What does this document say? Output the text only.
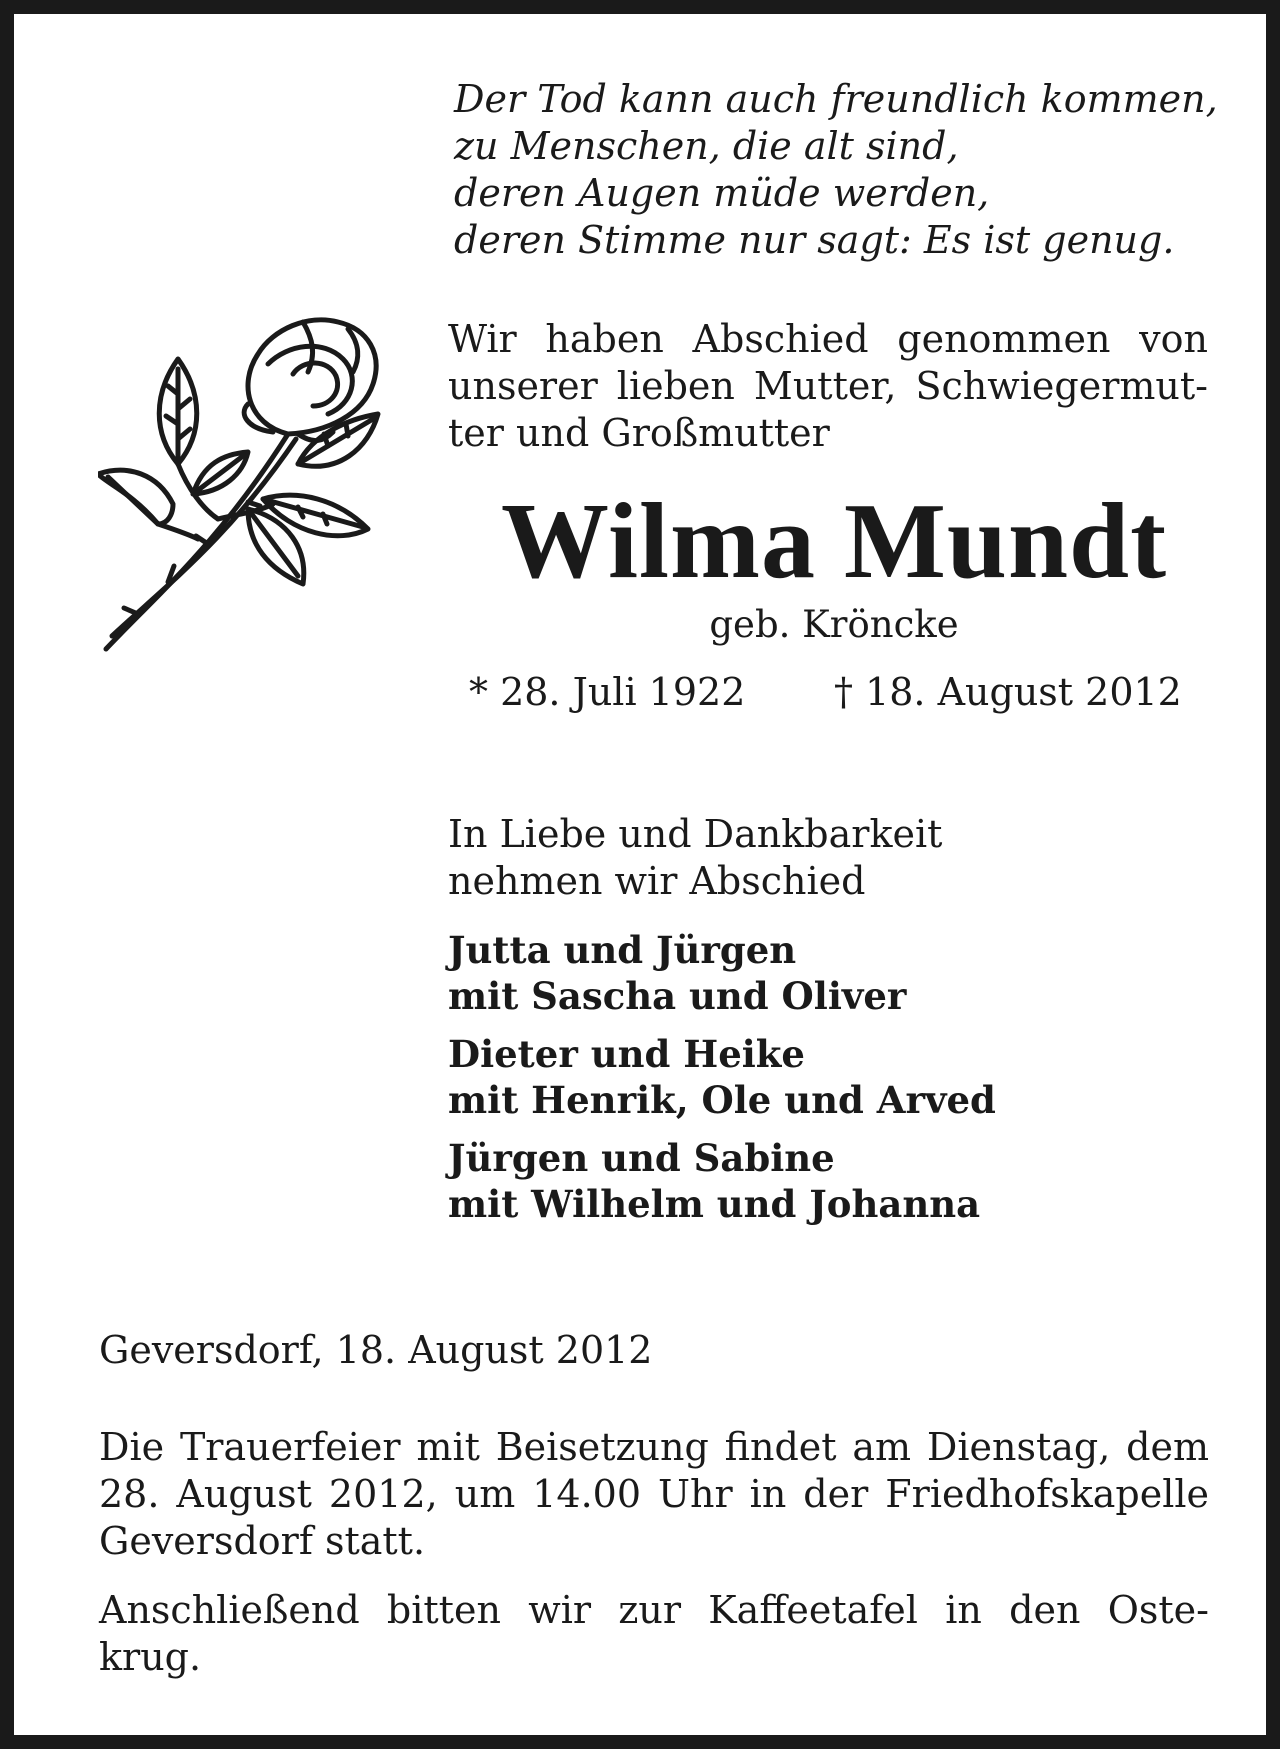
Der Tod kann auch freundlich kommen,
zu Menschen, die alt sind,
deren Augen müde werden,
deren Stimme nur sagt: Es ist genug.
Wir haben Abschied genommen von
unserer lieben Mutter, Schwiegermut-
ter und Großmutter
Wilma Mundt
geb. Kröncke
* 28. Juli 1922 † 18. August 2012
In Liebe und Dankbarkeit
nehmen wir Abschied
Jutta und Jürgen
mit Sascha und Oliver
Dieter und Heike
mit Henrik, Ole und Arved
Jürgen und Sabine
mit Wilhelm und Johanna
Geversdorf, 18. August 2012
Die Trauerfeier mit Beisetzung findet am Dienstag, dem
28. August 2012, um 14.00 Uhr in der Friedhofskapelle
Geversdorf statt.
Anschließend bitten wir zur Kaffeetafel in den Oste-
krug.
